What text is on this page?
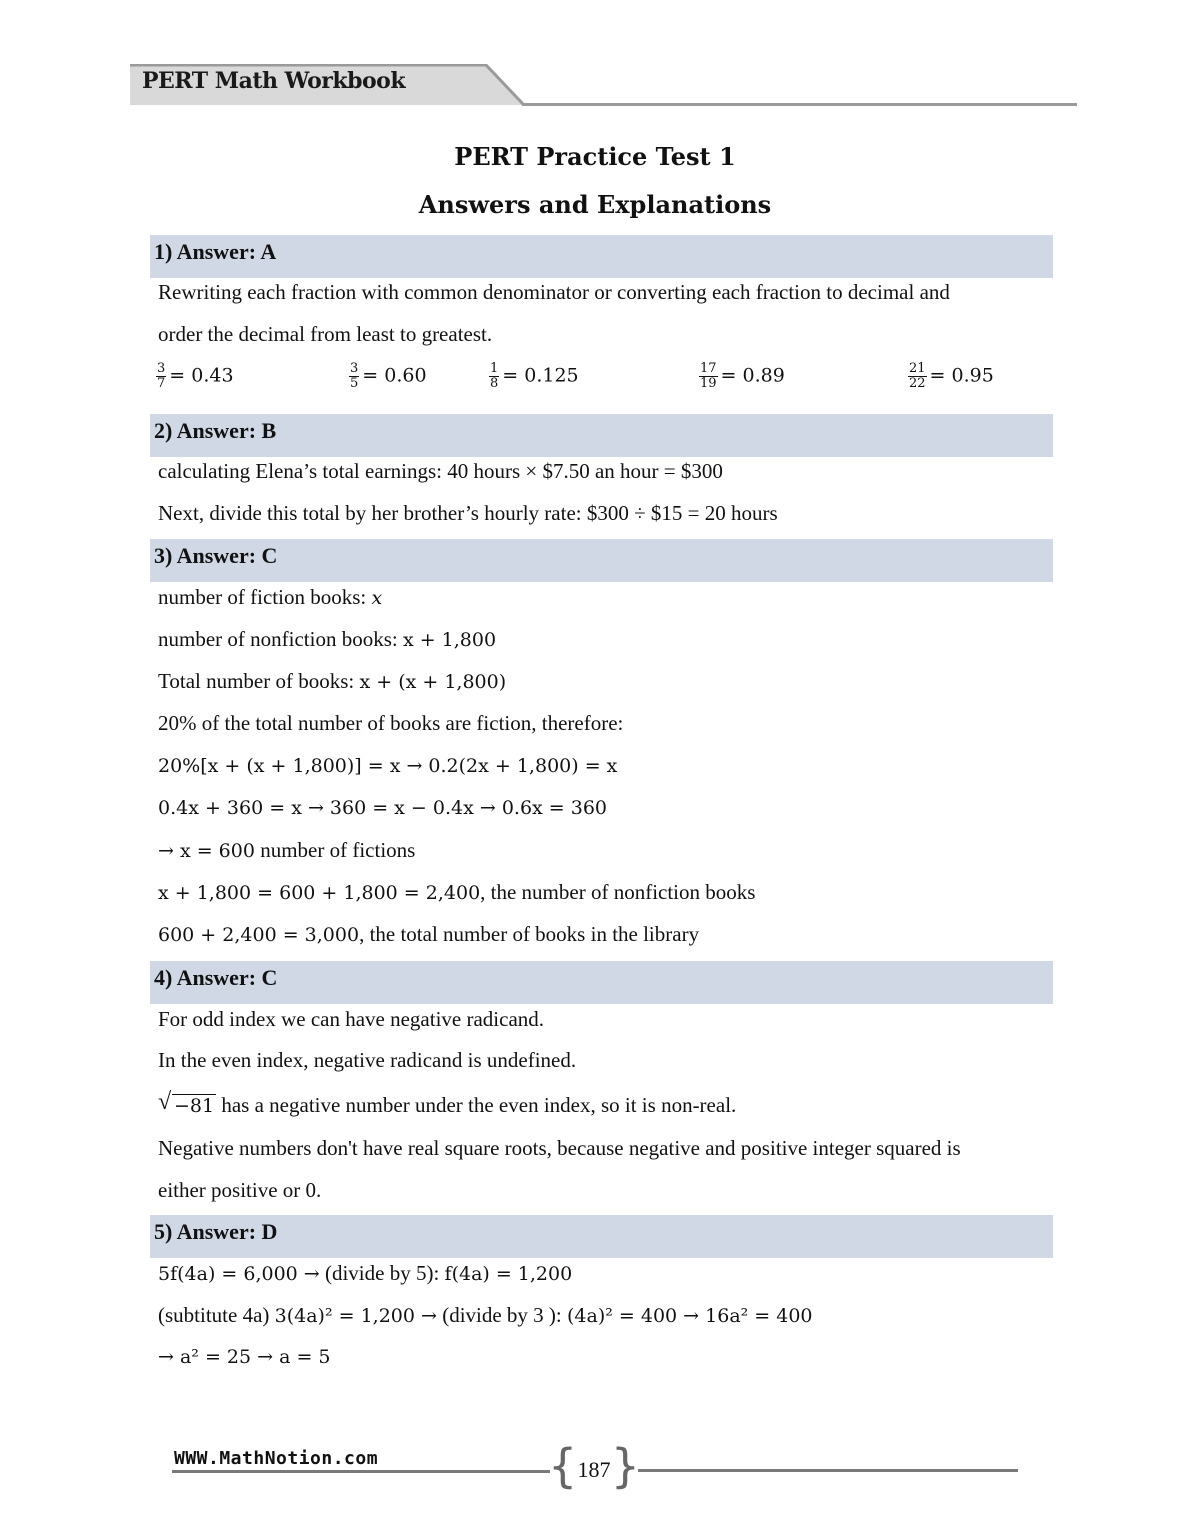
PERT Math Workbook
PERT Practice Test 1
Answers and Explanations
1) Answer: A
Rewriting each fraction with common denominator or converting each fraction to decimal and
order the decimal from least to greatest.
$\frac{3}{7} = 0.43$	$\frac{3}{5} = 0.60$	$\frac{1}{8} = 0.125$	$\frac{17}{19} = 0.89$	$\frac{21}{22} = 0.95$
2) Answer: B
calculating Elena’s total earnings: 40 hours × $7.50 an hour = $300
Next, divide this total by her brother’s hourly rate: $300 ÷ $15 = 20 hours
3) Answer: C
number of fiction books: x
number of nonfiction books: x + 1,800
Total number of books: x + (x + 1,800)
20% of the total number of books are fiction, therefore:
20%[x + (x + 1,800)] = x → 0.2(2x + 1,800) = x
0.4x + 360 = x → 360 = x − 0.4x → 0.6x = 360
→ x = 600 number of fictions
x + 1,800 = 600 + 1,800 = 2,400, the number of nonfiction books
600 + 2,400 = 3,000, the total number of books in the library
4) Answer: C
For odd index we can have negative radicand.
In the even index, negative radicand is undefined.
√ −81 has a negative number under the even index, so it is non-real.
Negative numbers don't have real square roots, because negative and positive integer squared is
either positive or 0.
5) Answer: D
5f(4a) = 6,000 → (divide by 5): f(4a) = 1,200
(subtitute 4a) 3(4a)² = 1,200 → (divide by 3 ): (4a)² = 400 → 16a² = 400
→ a² = 25 → a = 5
WWW.MathNotion.com	{ 187 }
